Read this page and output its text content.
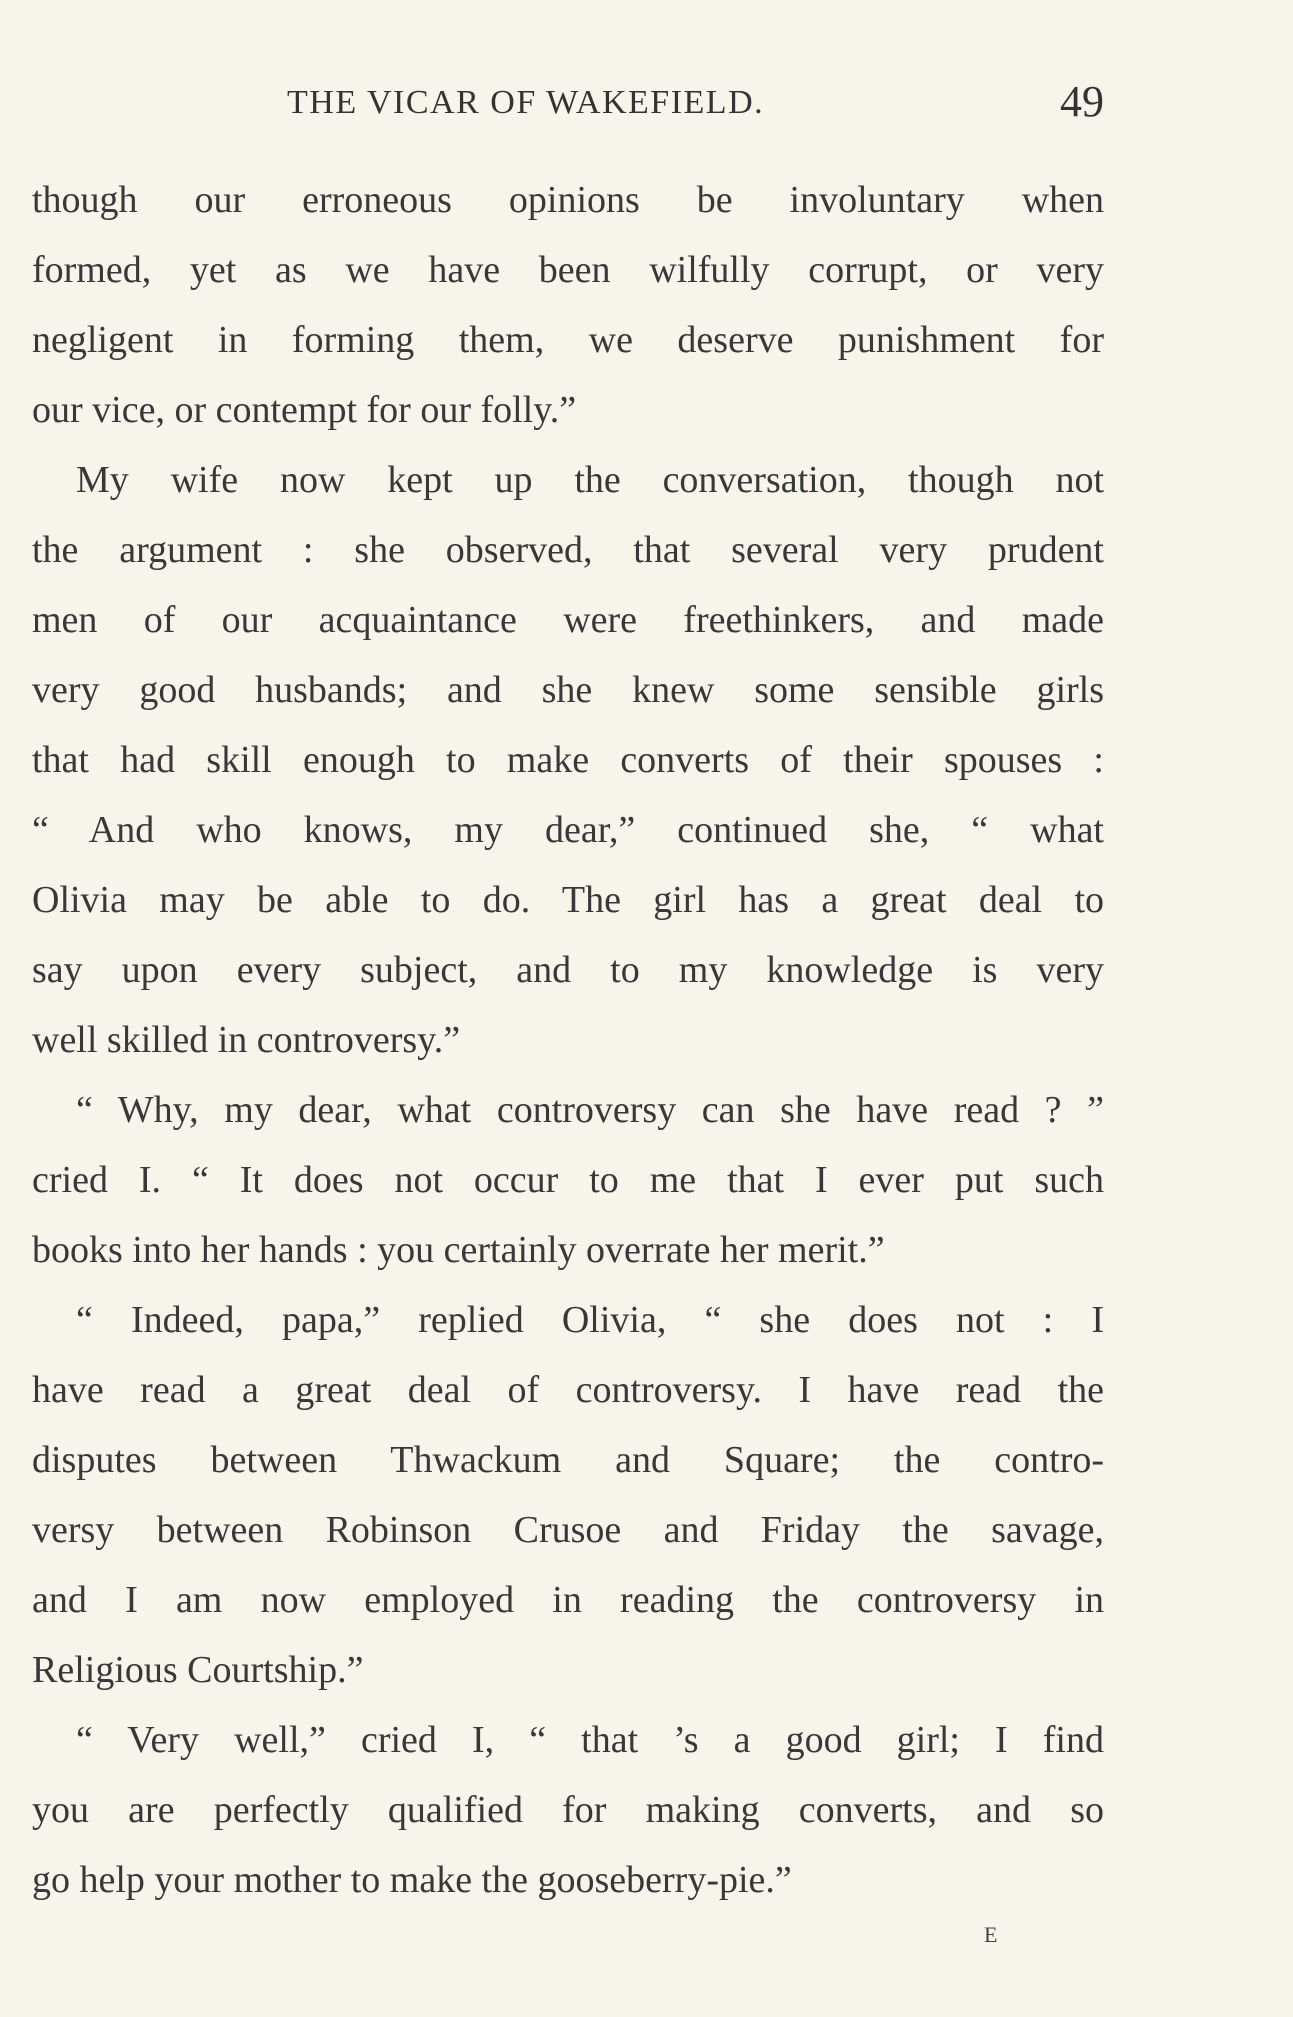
THE VICAR OF WAKEFIELD.	49
though our erroneous opinions be involuntary when
formed, yet as we have been wilfully corrupt, or very
negligent in forming them, we deserve punishment for
our vice, or contempt for our folly.”
My wife now kept up the conversation, though not
the argument : she observed, that several very prudent
men of our acquaintance were freethinkers, and made
very good husbands; and she knew some sensible girls
that had skill enough to make converts of their spouses :
“ And who knows, my dear,” continued she, “ what
Olivia may be able to do. The girl has a great deal to
say upon every subject, and to my knowledge is very
well skilled in controversy.”
“ Why, my dear, what controversy can she have read ? ”
cried I. “ It does not occur to me that I ever put such
books into her hands : you certainly overrate her merit.”
“ Indeed, papa,” replied Olivia, “ she does not : I
have read a great deal of controversy. I have read the
disputes between Thwackum and Square; the contro-
versy between Robinson Crusoe and Friday the savage,
and I am now employed in reading the controversy in
Religious Courtship.”
“ Very well,” cried I, “ that ’s a good girl; I find
you are perfectly qualified for making converts, and so
go help your mother to make the gooseberry-pie.”
E
